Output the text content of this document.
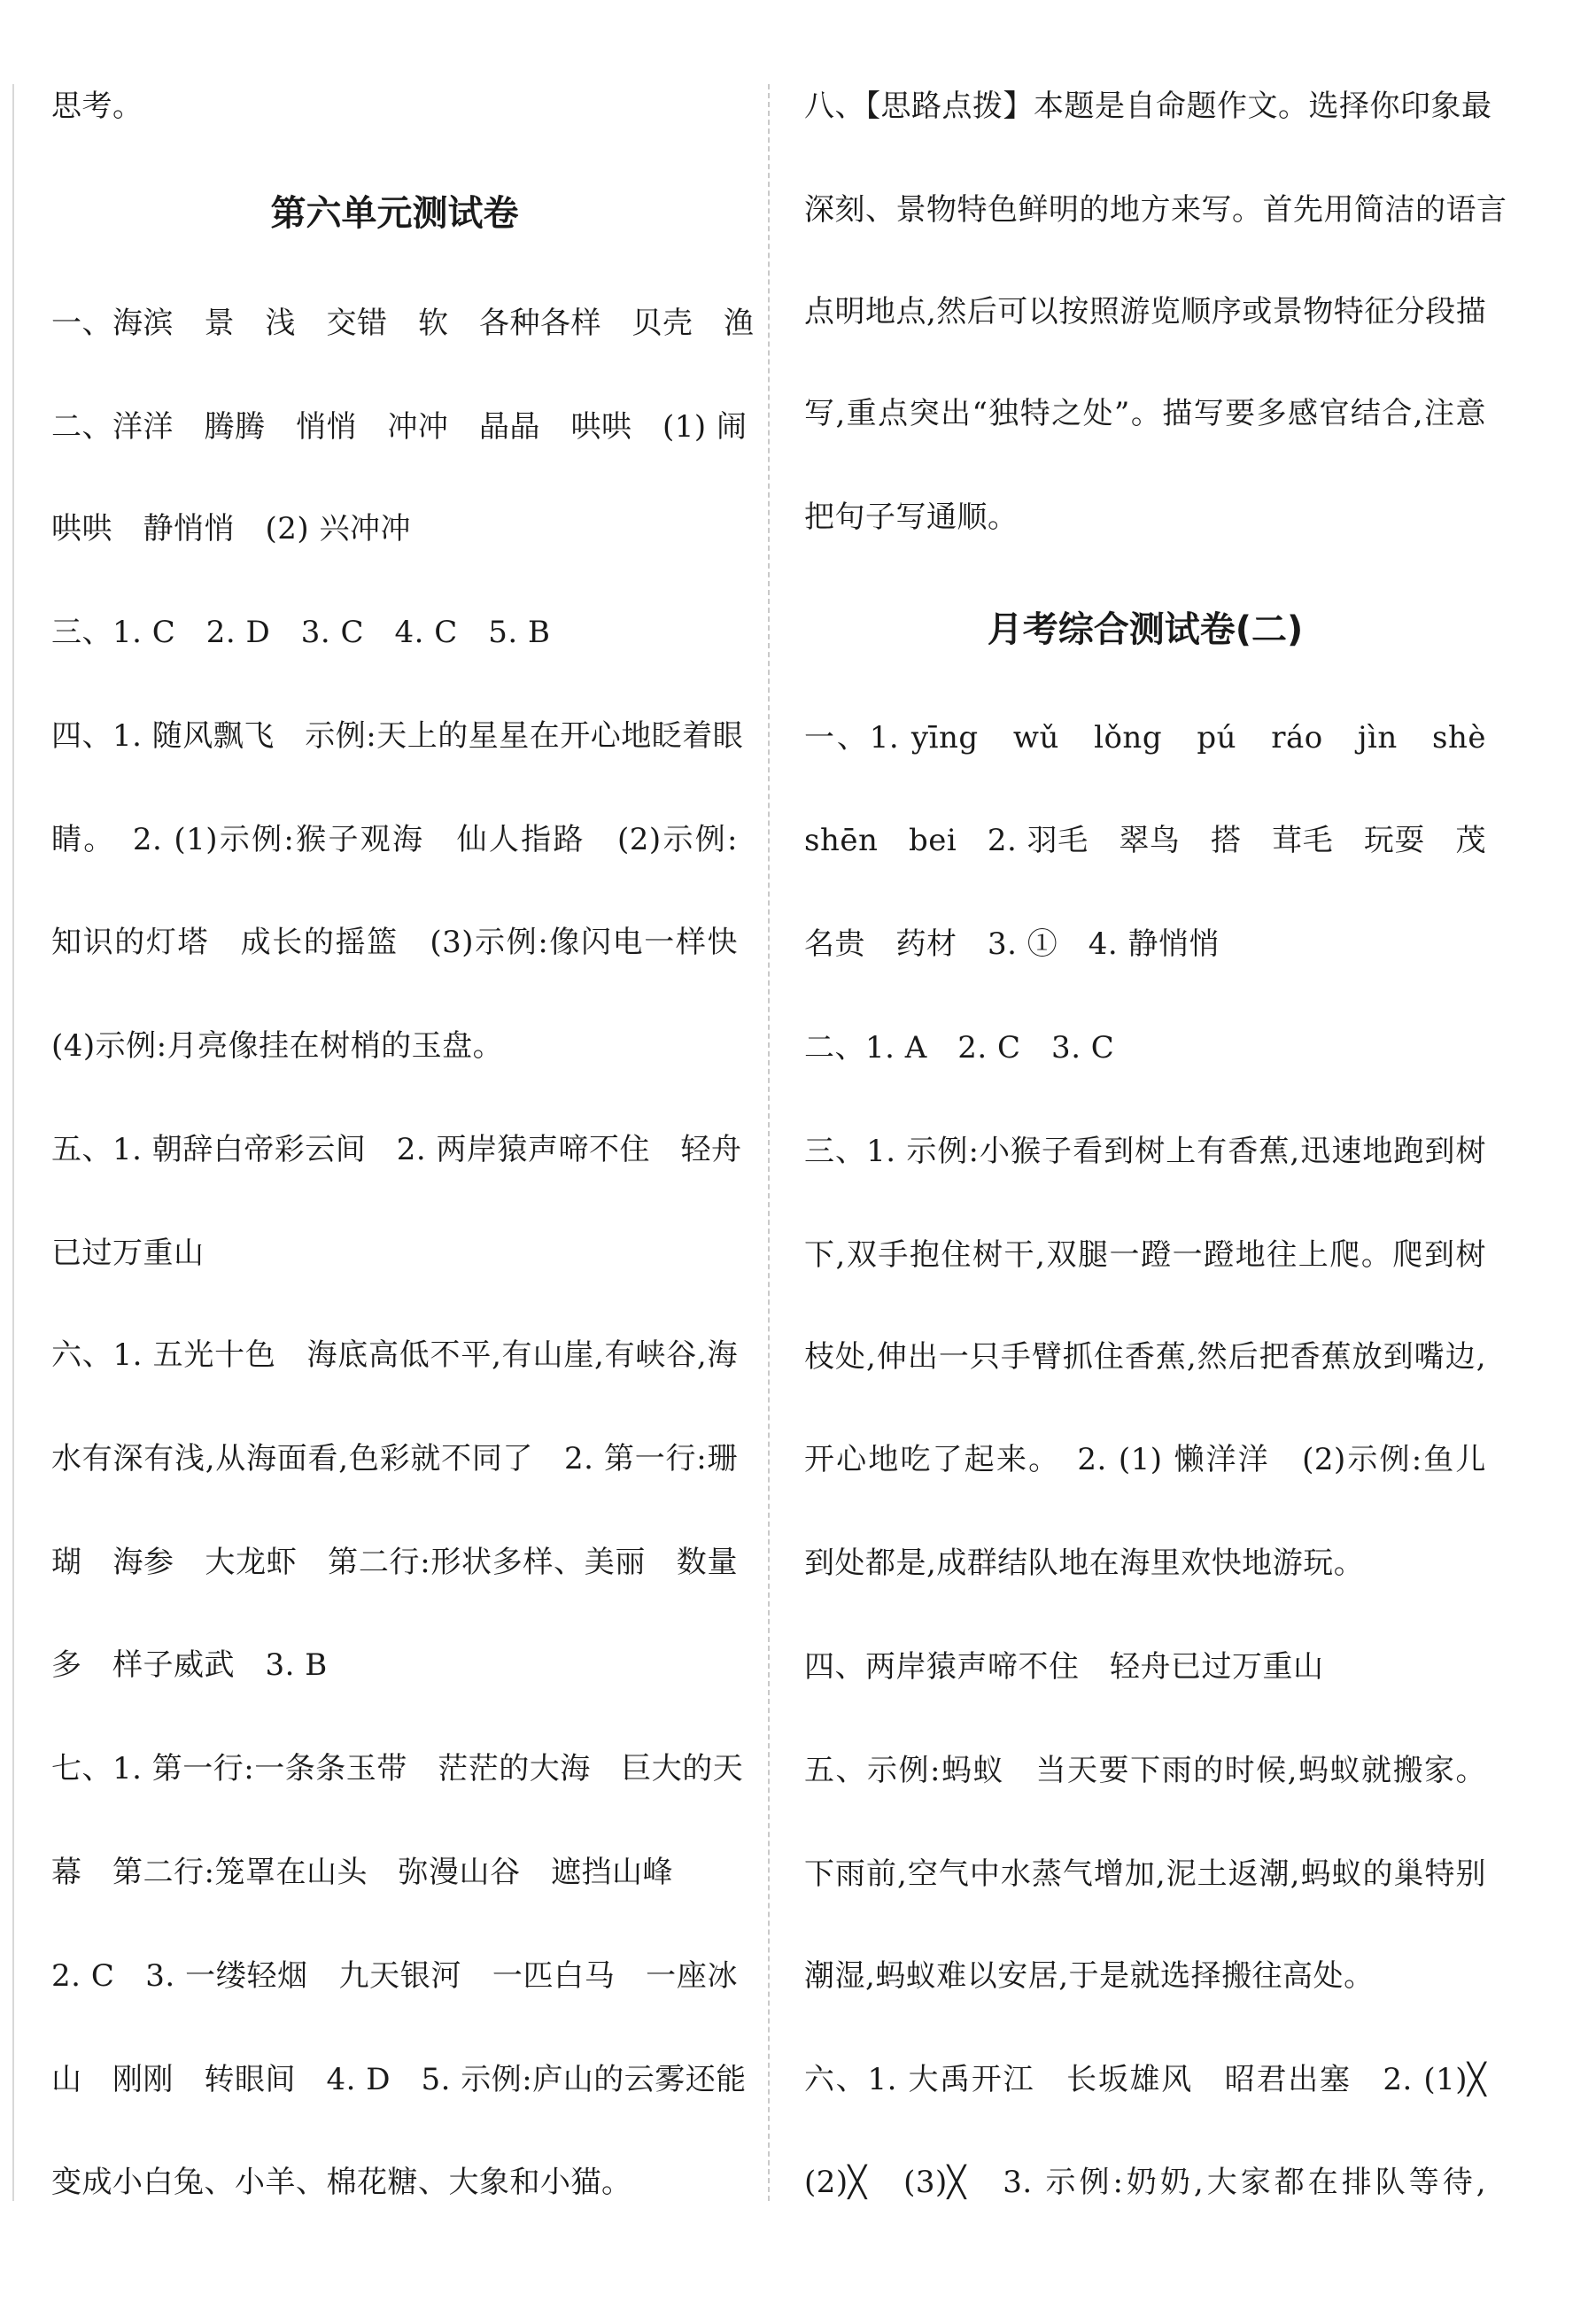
思考。
第六单元测试卷
一、海滨　景　浅　交错　软　各种各样　贝壳　渔
二、洋洋　腾腾　悄悄　冲冲　晶晶　哄哄　(1) 闹
哄哄　静悄悄　(2) 兴冲冲
三、1. C　2. D　3. C　4. C　5. B
四、1. 随风飘飞　示例:天上的星星在开心地眨着眼
睛。　2. (1)示例:猴子观海　仙人指路　(2)示例:
知识的灯塔　成长的摇篮　(3)示例:像闪电一样快
(4)示例:月亮像挂在树梢的玉盘。
五、1. 朝辞白帝彩云间　2. 两岸猿声啼不住　轻舟
已过万重山
六、1. 五光十色　海底高低不平,有山崖,有峡谷,海
水有深有浅,从海面看,色彩就不同了　2. 第一行:珊
瑚　海参　大龙虾　第二行:形状多样、美丽　数量
多　样子威武　3. B
七、1. 第一行:一条条玉带　茫茫的大海　巨大的天
幕　第二行:笼罩在山头　弥漫山谷　遮挡山峰
2. C　3. 一缕轻烟　九天银河　一匹白马　一座冰
山　刚刚　转眼间　4. D　5. 示例:庐山的云雾还能
变成小白兔、小羊、棉花糖、大象和小猫。
八、【思路点拨】本题是自命题作文。选择你印象最
深刻、景物特色鲜明的地方来写。首先用简洁的语言
点明地点,然后可以按照游览顺序或景物特征分段描
写,重点突出“独特之处”。描写要多感官结合,注意
把句子写通顺。
月考综合测试卷(二)
一、1. yīng　wǔ　lǒng　pú　ráo　jìn　shè
shēn　bei　2. 羽毛　翠鸟　搭　茸毛　玩耍　茂
名贵　药材　3. ①　4. 静悄悄
二、1. A　2. C　3. C
三、1. 示例:小猴子看到树上有香蕉,迅速地跑到树
下,双手抱住树干,双腿一蹬一蹬地往上爬。爬到树
枝处,伸出一只手臂抓住香蕉,然后把香蕉放到嘴边,
开心地吃了起来。　2. (1) 懒洋洋　(2)示例:鱼儿
到处都是,成群结队地在海里欢快地游玩。
四、两岸猿声啼不住　轻舟已过万重山
五、示例:蚂蚁　当天要下雨的时候,蚂蚁就搬家。
下雨前,空气中水蒸气增加,泥土返潮,蚂蚁的巢特别
潮湿,蚂蚁难以安居,于是就选择搬往高处。
六、1. 大禹开江　长坂雄风　昭君出塞　2. (1)╳
(2)╳　(3)╳　3. 示例:奶奶,大家都在排队等待,
